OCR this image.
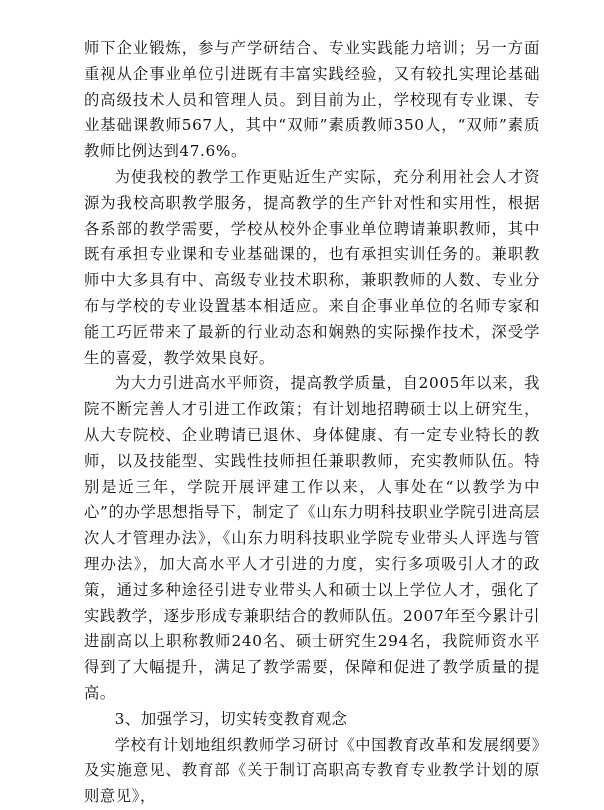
师下企业锻炼，参与产学研结合、专业实践能力培训；另一方面重视从企事业单位引进既有丰富实践经验，又有较扎实理论基础的高级技术人员和管理人员。到目前为止，学校现有专业课、专业基础课教师567人，其中“双师”素质教师350人，“双师”素质教师比例达到47.6%。

为使我校的教学工作更贴近生产实际，充分利用社会人才资源为我校高职教学服务，提高教学的生产针对性和实用性，根据各系部的教学需要，学校从校外企事业单位聘请兼职教师，其中既有承担专业课和专业基础课的，也有承担实训任务的。兼职教师中大多具有中、高级专业技术职称，兼职教师的人数、专业分布与学校的专业设置基本相适应。来自企事业单位的名师专家和能工巧匠带来了最新的行业动态和娴熟的实际操作技术，深受学生的喜爱，教学效果良好。

为大力引进高水平师资，提高教学质量，自2005年以来，我院不断完善人才引进工作政策；有计划地招聘硕士以上研究生，从大专院校、企业聘请已退休、身体健康、有一定专业特长的教师，以及技能型、实践性技师担任兼职教师，充实教师队伍。特别是近三年，学院开展评建工作以来，人事处在“以教学为中心”的办学思想指导下，制定了《山东力明科技职业学院引进高层次人才管理办法》，《山东力明科技职业学院专业带头人评选与管理办法》，加大高水平人才引进的力度，实行多项吸引人才的政策，通过多种途径引进专业带头人和硕士以上学位人才，强化了实践教学，逐步形成专兼职结合的教师队伍。2007年至今累计引进副高以上职称教师240名、硕士研究生294名，我院师资水平得到了大幅提升，满足了教学需要，保障和促进了教学质量的提高。

3、加强学习，切实转变教育观念

学校有计划地组织教师学习研讨《中国教育改革和发展纲要》及实施意见、教育部《关于制订高职高专教育专业教学计划的原则意见》，
